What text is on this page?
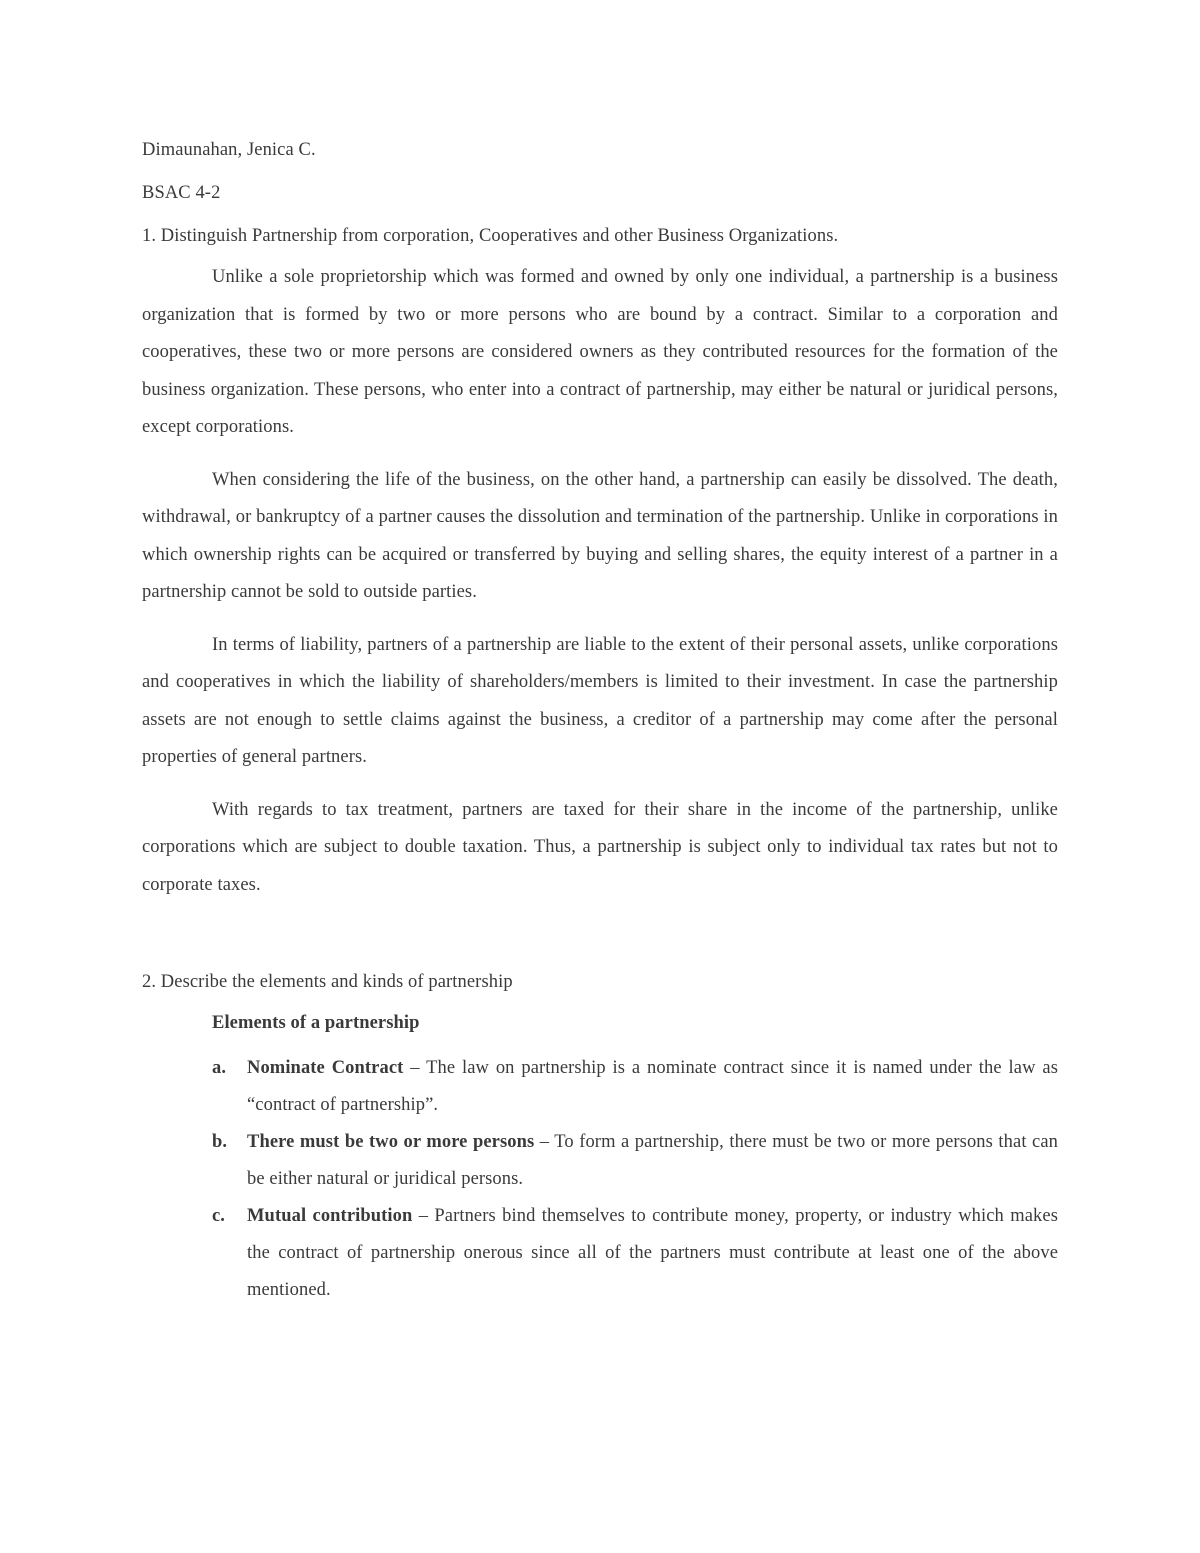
Dimaunahan, Jenica C.

BSAC 4-2

1. Distinguish Partnership from corporation, Cooperatives and other Business Organizations.

Unlike a sole proprietorship which was formed and owned by only one individual, a partnership is a business organization that is formed by two or more persons who are bound by a contract. Similar to a corporation and cooperatives, these two or more persons are considered owners as they contributed resources for the formation of the business organization. These persons, who enter into a contract of partnership, may either be natural or juridical persons, except corporations.

When considering the life of the business, on the other hand, a partnership can easily be dissolved. The death, withdrawal, or bankruptcy of a partner causes the dissolution and termination of the partnership. Unlike in corporations in which ownership rights can be acquired or transferred by buying and selling shares, the equity interest of a partner in a partnership cannot be sold to outside parties.

In terms of liability, partners of a partnership are liable to the extent of their personal assets, unlike corporations and cooperatives in which the liability of shareholders/members is limited to their investment. In case the partnership assets are not enough to settle claims against the business, a creditor of a partnership may come after the personal properties of general partners.

With regards to tax treatment, partners are taxed for their share in the income of the partnership, unlike corporations which are subject to double taxation. Thus, a partnership is subject only to individual tax rates but not to corporate taxes.

2. Describe the elements and kinds of partnership

Elements of a partnership

a. Nominate Contract – The law on partnership is a nominate contract since it is named under the law as “contract of partnership”.
b. There must be two or more persons – To form a partnership, there must be two or more persons that can be either natural or juridical persons.
c. Mutual contribution – Partners bind themselves to contribute money, property, or industry which makes the contract of partnership onerous since all of the partners must contribute at least one of the above mentioned.
